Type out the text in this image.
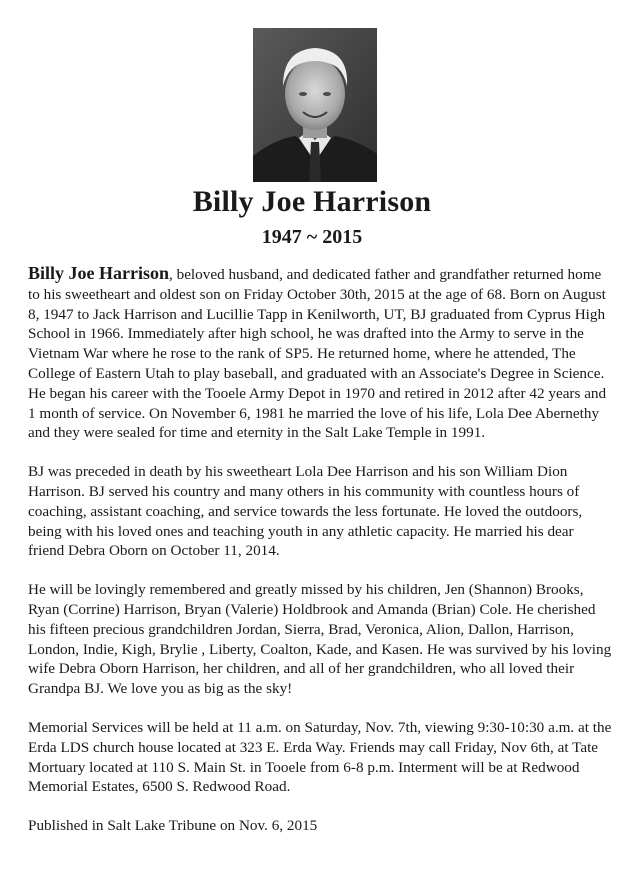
Billy Joe Harrison
1947 ~ 2015

Billy Joe Harrison, beloved husband, and dedicated father and grandfather returned home to his sweetheart and oldest son on Friday October 30th, 2015 at the age of 68. Born on August 8, 1947 to Jack Harrison and Lucillie Tapp in Kenilworth, UT, BJ graduated from Cyprus High School in 1966. Immediately after high school, he was drafted into the Army to serve in the Vietnam War where he rose to the rank of SP5. He returned home, where he attended, The College of Eastern Utah to play baseball, and graduated with an Associate's Degree in Science. He began his career with the Tooele Army Depot in 1970 and retired in 2012 after 42 years and 1 month of service. On November 6, 1981 he married the love of his life, Lola Dee Abernethy and they were sealed for time and eternity in the Salt Lake Temple in 1991.

BJ was preceded in death by his sweetheart Lola Dee Harrison and his son William Dion Harrison. BJ served his country and many others in his community with countless hours of coaching, assistant coaching, and service towards the less fortunate. He loved the outdoors, being with his loved ones and teaching youth in any athletic capacity. He married his dear friend Debra Oborn on October 11, 2014.

He will be lovingly remembered and greatly missed by his children, Jen (Shannon) Brooks, Ryan (Corrine) Harrison, Bryan (Valerie) Holdbrook and Amanda (Brian) Cole. He cherished his fifteen precious grandchildren Jordan, Sierra, Brad, Veronica, Alion, Dallon, Harrison, London, Indie, Kigh, Brylie , Liberty, Coalton, Kade, and Kasen. He was survived by his loving wife Debra Oborn Harrison, her children, and all of her grandchildren, who all loved their Grandpa BJ. We love you as big as the sky!

Memorial Services will be held at 11 a.m. on Saturday, Nov. 7th, viewing 9:30-10:30 a.m. at the Erda LDS church house located at 323 E. Erda Way. Friends may call Friday, Nov 6th, at Tate Mortuary located at 110 S. Main St. in Tooele from 6-8 p.m. Interment will be at Redwood Memorial Estates, 6500 S. Redwood Road.

Published in Salt Lake Tribune on Nov. 6, 2015
